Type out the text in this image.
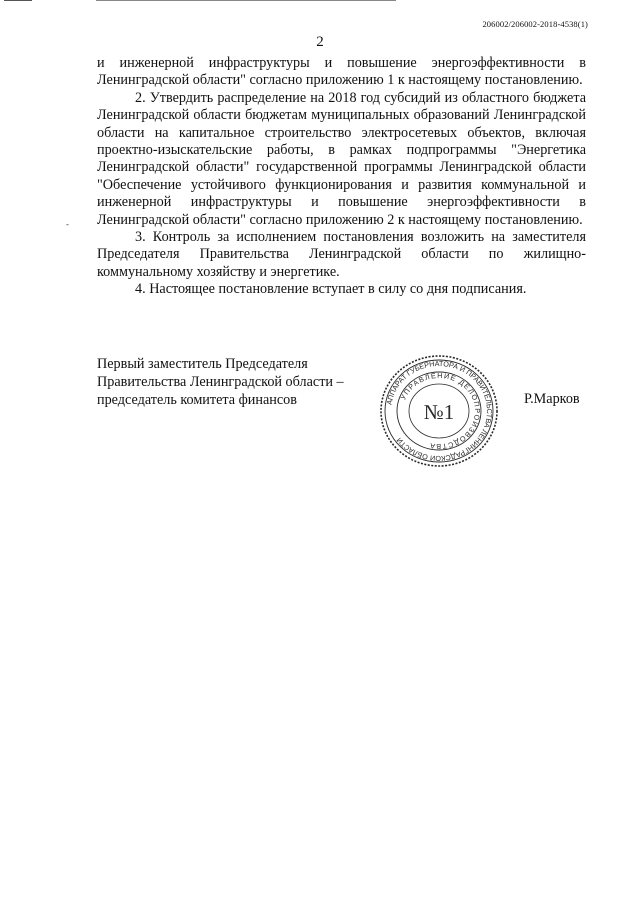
206002/206002-2018-4538(1)
2

и инженерной инфраструктуры и повышение энергоэффективности в Ленинградской области" согласно приложению 1 к настоящему постановлению.

2. Утвердить распределение на 2018 год субсидий из областного бюджета Ленинградской области бюджетам муниципальных образований Ленинградской области на капитальное строительство электросетевых объектов, включая проектно-изыскательские работы, в рамках подпрограммы "Энергетика Ленинградской области" государственной программы Ленинградской области "Обеспечение устойчивого функционирования и развития коммунальной и инженерной инфраструктуры и повышение энергоэффективности в Ленинградской области" согласно приложению 2 к настоящему постановлению.

3. Контроль за исполнением постановления возложить на заместителя Председателя Правительства Ленинградской области по жилищно-коммунальному хозяйству и энергетике.

4. Настоящее постановление вступает в силу со дня подписания.

-
Первый заместитель Председателя
Правительства Ленинградской области –
председатель комитета финансов	Р.Марков
АППАРАТ ГУБЕРНАТОРА И ПРАВИТЕЛЬСТВА ЛЕНИНГРАДСКОЙ ОБЛАСТИ
УПРАВЛЕНИЕ ДЕЛОПРОИЗВОДСТВА
№1
